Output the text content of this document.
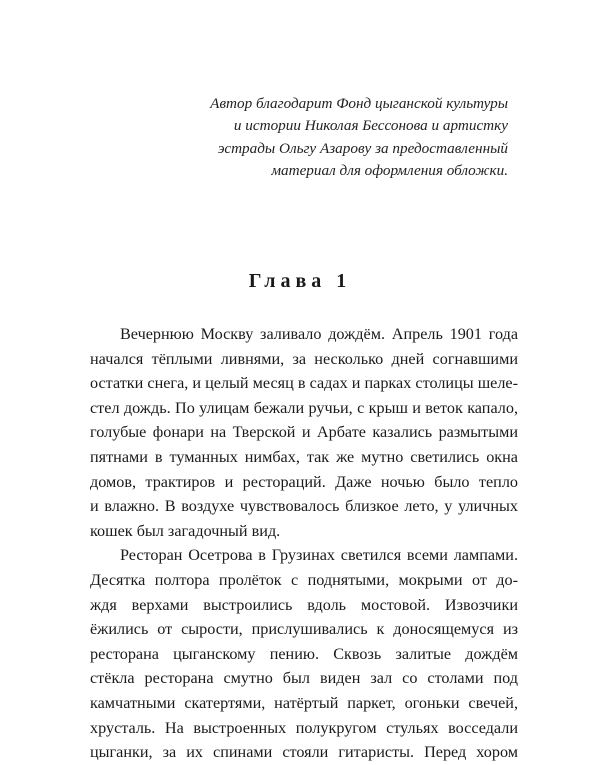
Автор благодарит Фонд цыганской культуры
и истории Николая Бессонова и артистку
эстрады Ольгу Азарову за предоставленный
материал для оформления обложки.
Глава 1
Вечернюю Москву заливало дождём. Апрель 1901 года
начался тёплыми ливнями, за несколько дней согнавшими
остатки снега, и целый месяц в садах и парках столицы шеле-
стел дождь. По улицам бежали ручьи, с крыш и веток капало,
голубые фонари на Тверской и Арбате казались размытыми
пятнами в туманных нимбах, так же мутно светились окна
домов, трактиров и ресторaций. Даже ночью было тепло
и влажно. В воздухе чувствовалось близкое лето, у уличных
кошек был загадочный вид.
Ресторан Осетрова в Грузинах светился всеми лампами.
Десятка полтора пролёток с поднятыми, мокрыми от до-
ждя верхами выстроились вдоль мостовой. Извозчики
ёжились от сырости, прислушивались к доносящемуся из
ресторана цыганскому пению. Сквозь залитые дождём
стёкла ресторана смутно был виден зал со столами под
камчатными скатертями, натёртый паркет, огоньки свечей,
хрусталь. На выстроенных полукругом стульях восседали
цыганки, за их спинами стояли гитаристы. Перед хором
